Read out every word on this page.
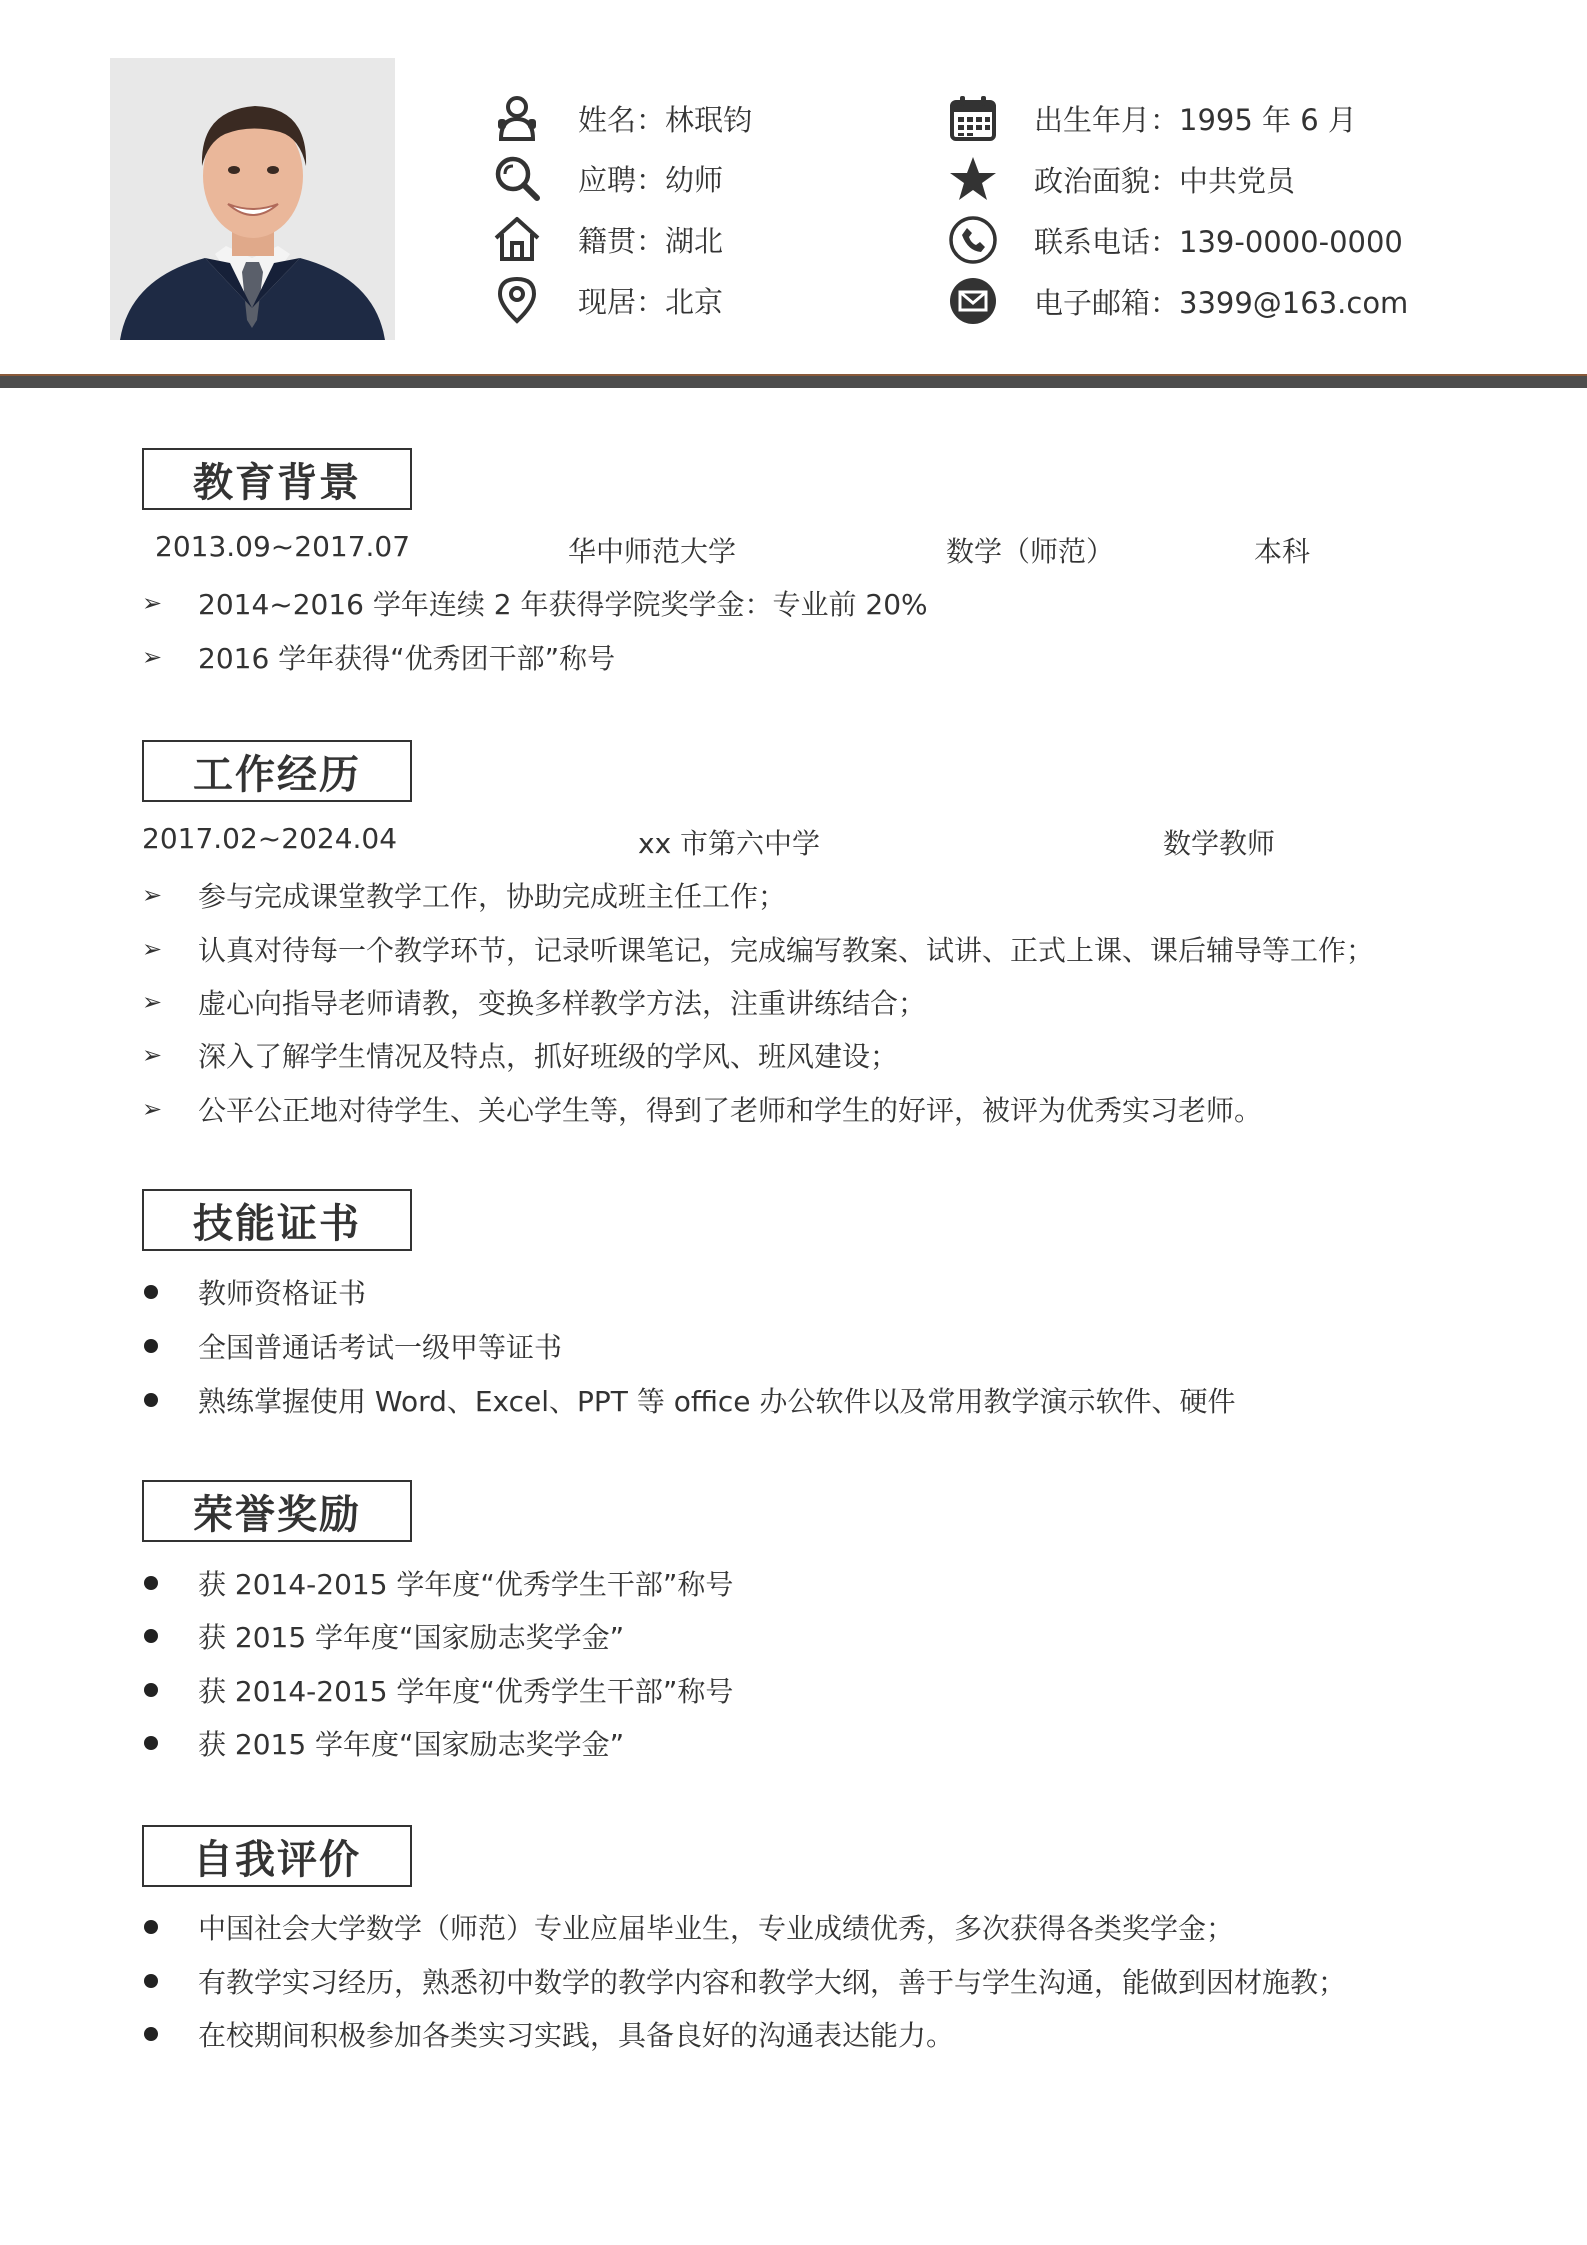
姓名：林珉钧
应聘：幼师
籍贯：湖北
现居：北京
出生年月：1995 年 6 月
政治面貌：中共党员
联系电话：139-0000-0000
电子邮箱：3399@163.com
教育背景
2013.09~2017.07	华中师范大学	数学（师范）	本科
➢	2014~2016 学年连续 2 年获得学院奖学金：专业前 20%
➢	2016 学年获得“优秀团干部”称号
工作经历
2017.02~2024.04	xx 市第六中学	数学教师
➢	参与完成课堂教学工作，协助完成班主任工作；
➢	认真对待每一个教学环节，记录听课笔记，完成编写教案、试讲、正式上课、课后辅导等工作；
➢	虚心向指导老师请教，变换多样教学方法，注重讲练结合；
➢	深入了解学生情况及特点，抓好班级的学风、班风建设；
➢	公平公正地对待学生、关心学生等，得到了老师和学生的好评，被评为优秀实习老师。
技能证书
教师资格证书
全国普通话考试一级甲等证书
熟练掌握使用 Word、Excel、PPT 等 office 办公软件以及常用教学演示软件、硬件
荣誉奖励
获 2014-2015 学年度“优秀学生干部”称号
获 2015 学年度“国家励志奖学金”
获 2014-2015 学年度“优秀学生干部”称号
获 2015 学年度“国家励志奖学金”
自我评价
中国社会大学数学（师范）专业应届毕业生，专业成绩优秀，多次获得各类奖学金；
有教学实习经历，熟悉初中数学的教学内容和教学大纲，善于与学生沟通，能做到因材施教；
在校期间积极参加各类实习实践，具备良好的沟通表达能力。
